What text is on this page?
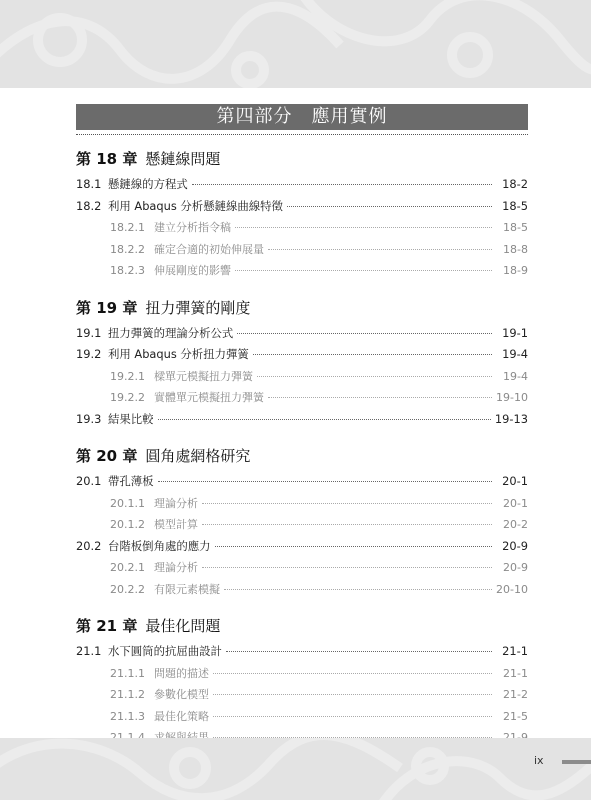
第四部分　應用實例
第 18 章 懸鏈線問題
18.1 懸鏈線的方程式	18-2
18.2 利用 Abaqus 分析懸鏈線曲線特徵	18-5
18.2.1 建立分析指令稿	18-5
18.2.2 確定合適的初始伸展量	18-8
18.2.3 伸展剛度的影響	18-9
第 19 章 扭力彈簧的剛度
19.1 扭力彈簧的理論分析公式	19-1
19.2 利用 Abaqus 分析扭力彈簧	19-4
19.2.1 樑單元模擬扭力彈簧	19-4
19.2.2 實體單元模擬扭力彈簧	19-10
19.3 結果比較	19-13
第 20 章 圓角處網格研究
20.1 帶孔薄板	20-1
20.1.1 理論分析	20-1
20.1.2 模型計算	20-2
20.2 台階板倒角處的應力	20-9
20.2.1 理論分析	20-9
20.2.2 有限元素模擬	20-10
第 21 章 最佳化問題
21.1 水下圓筒的抗屈曲設計	21-1
21.1.1 問題的描述	21-1
21.1.2 參數化模型	21-2
21.1.3 最佳化策略	21-5
ix
